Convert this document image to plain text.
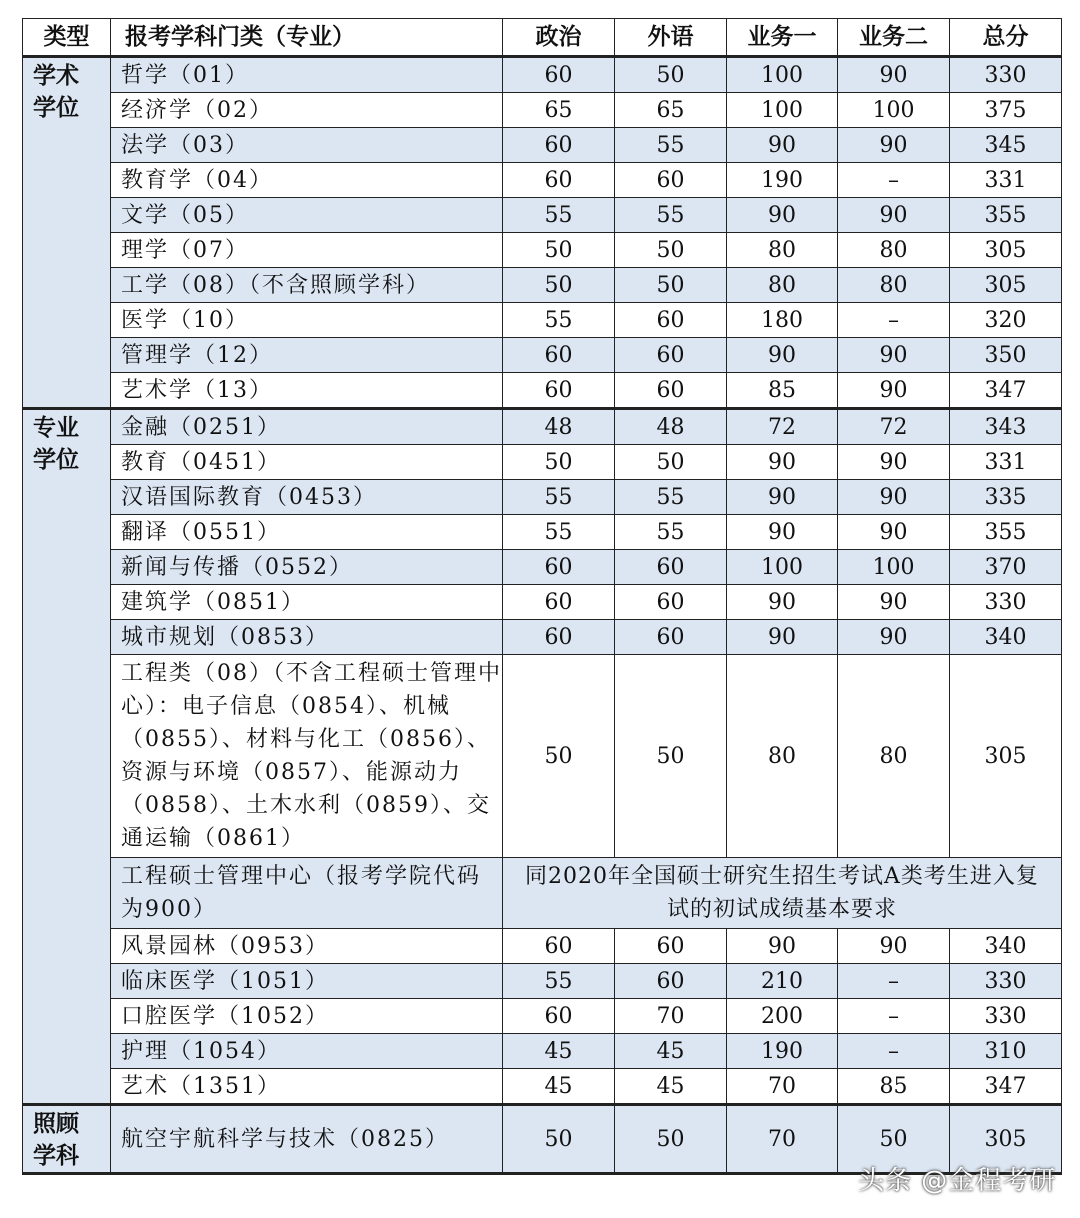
类型	报考学科门类（专业）	政治	外语	业务一	业务二	总分

学术
学位	哲学（01）	60	50	100	90	330
	经济学（02）	65	65	100	100	375
	法学（03）	60	55	90	90	345
	教育学（04）	60	60	190	–	331
	文学（05）	55	55	90	90	355
	理学（07）	50	50	80	80	305
	工学（08）（不含照顾学科）	50	50	80	80	305
	医学（10）	55	60	180	–	320
	管理学（12）	60	60	90	90	350
	艺术学（13）	60	60	85	90	347

专业
学位	金融（0251）	48	48	72	72	343
	教育（0451）	50	50	90	90	331
	汉语国际教育（0453）	55	55	90	90	335
	翻译（0551）	55	55	90	90	355
	新闻与传播（0552）	60	60	100	100	370
	建筑学（0851）	60	60	90	90	330
	城市规划（0853）	60	60	90	90	340
	工程类（08）（不含工程硕士管理中心）：电子信息（0854）、机械（0855）、材料与化工（0856）、资源与环境（0857）、能源动力（0858）、土木水利（0859）、交通运输（0861）	50	50	80	80	305
	工程硕士管理中心（报考学院代码为900）	同2020年全国硕士研究生招生考试A类考生进入复试的初试成绩基本要求				
	风景园林（0953）	60	60	90	90	340
	临床医学（1051）	55	60	210	–	330
	口腔医学（1052）	60	70	200	–	330
	护理（1054）	45	45	190	–	310
	艺术（1351）	45	45	70	85	347

照顾
学科	航空宇航科学与技术（0825）	50	50	70	50	305
头条 @金程考研
